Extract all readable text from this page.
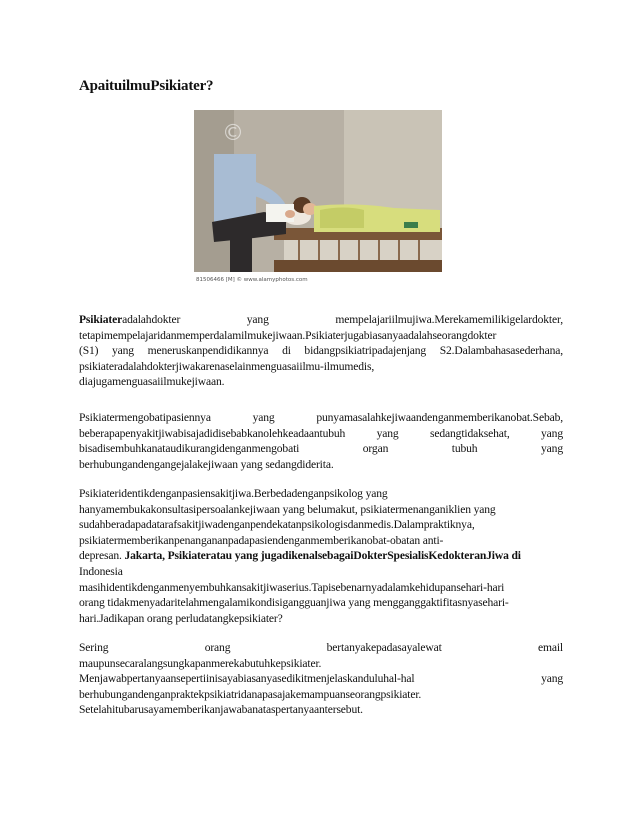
ApaituilmuPsikiater?
©
81506466 [M] © www.alamyphotos.com
Psikiateradalahdokter	yang	mempelajariilmujiwa.Merekamemilikigelardokter,
tetapimempelajaridanmemperdalamilmukejiwaan.Psikiaterjugabiasanyaadalahseorangdokter
(S1) yang meneruskanpendidikannya di bidangpsikiatripadajenjang S2.Dalambahasasederhana,
psikiateradalahdokterjiwakarenaselainmenguasaiilmu-ilmumedis,
diajugamenguasaiilmukejiwaan.
Psikiatermengobatipasiennya	yang	punyamasalahkejiwaandenganmemberikanobat.Sebab,
beberapapenyakitjiwabisajadidisebabkanolehkeadaantubuh	yang	sedangtidaksehat,	yang
bisadisembuhkanataudikurangidenganmengobati	organ	tubuh	yang
berhubungandengangejalakejiwaan yang sedangdiderita.
Psikiateridentikdenganpasiensakitjiwa.Berbedadenganpsikolog yang
hanyamembukakonsultasipersoalankejiwaan yang belumakut, psikiatermenanganiklien yang
sudahberadapadatarafsakitjiwadenganpendekatanpsikologisdanmedis.Dalampraktiknya,
psikiatermemberikanpenangananpadapasiendenganmemberikanobat-obatan anti-
depresan. Jakarta, Psikiateratau yang jugadikenalsebagaiDokterSpesialisKedokteranJiwa di
Indonesia
masihidentikdenganmenyembuhkansakitjiwaserius.Tapisebenarnyadalamkehidupansehari-hari
orang tidakmenyadaritelahmengalamikondisigangguanjiwa yang mengganggaktifitasnyasehari-
hari.Jadikapan orang perludatangkepsikiater?
Sering	orang	bertanyakepadasayalewat	email
maupunsecaralangsungkapanmerekabutuhkepsikiater.
Menjawabpertanyaansepertiinisayabiasanyasedikitmenjelaskanduluhal-hal	yang
berhubungandenganpraktekpsikiatridanapasajakemampuanseorangpsikiater.
Setelahitubarusayamemberikanjawabanataspertanyaantersebut.
